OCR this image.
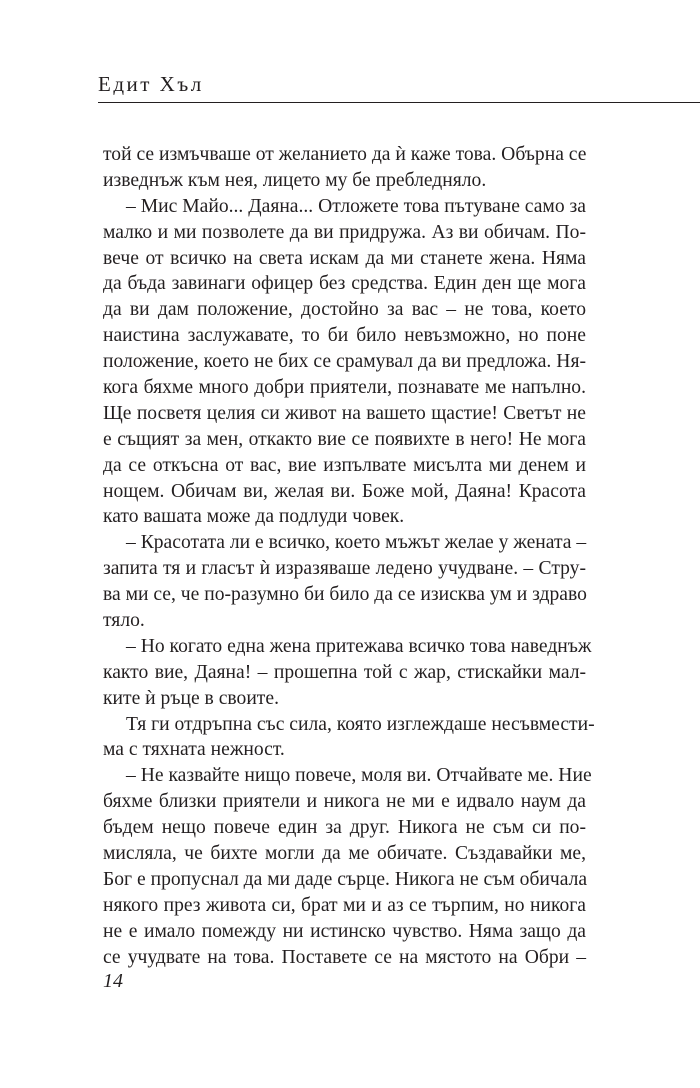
Едит Хъл
той се измъчваше от желанието да ѝ каже това. Обърна се
изведнъж към нея, лицето му бе пребледняло.
– Мис Майо... Даяна... Отложете това пътуване само за
малко и ми позволете да ви придружа. Аз ви обичам. По-
вече от всичко на света искам да ми станете жена. Няма
да бъда завинаги офицер без средства. Един ден ще мога
да ви дам положение, достойно за вас – не това, което
наистина заслужавате, то би било невъзможно, но поне
положение, което не бих се срамувал да ви предложа. Ня-
кога бяхме много добри приятели, познавате ме напълно.
Ще посветя целия си живот на вашето щастие! Светът не
е същият за мен, откакто вие се появихте в него! Не мога
да се откъсна от вас, вие изпълвате мисълта ми денем и
нощем. Обичам ви, желая ви. Боже мой, Даяна! Красота
като вашата може да подлуди човек.
– Красотата ли е всичко, което мъжът желае у жената –
запита тя и гласът ѝ изразяваше ледено учудване. – Стру-
ва ми се, че по-разумно би било да се изисква ум и здраво
тяло.
– Но когато една жена притежава всичко това наведнъж
както вие, Даяна! – прошепна той с жар, стискайки мал-
ките ѝ ръце в своите.
Тя ги отдръпна със сила, която изглеждаше несъвмести-
ма с тяхната нежност.
– Не казвайте нищо повече, моля ви. Отчайвате ме. Ние
бяхме близки приятели и никога не ми е идвало наум да
бъдем нещо повече един за друг. Никога не съм си по-
мисляла, че бихте могли да ме обичате. Създавайки ме,
Бог е пропуснал да ми даде сърце. Никога не съм обичала
някого през живота си, брат ми и аз се търпим, но никога
не е имало помежду ни истинско чувство. Няма защо да
се учудвате на това. Поставете се на мястото на Обри –
14
